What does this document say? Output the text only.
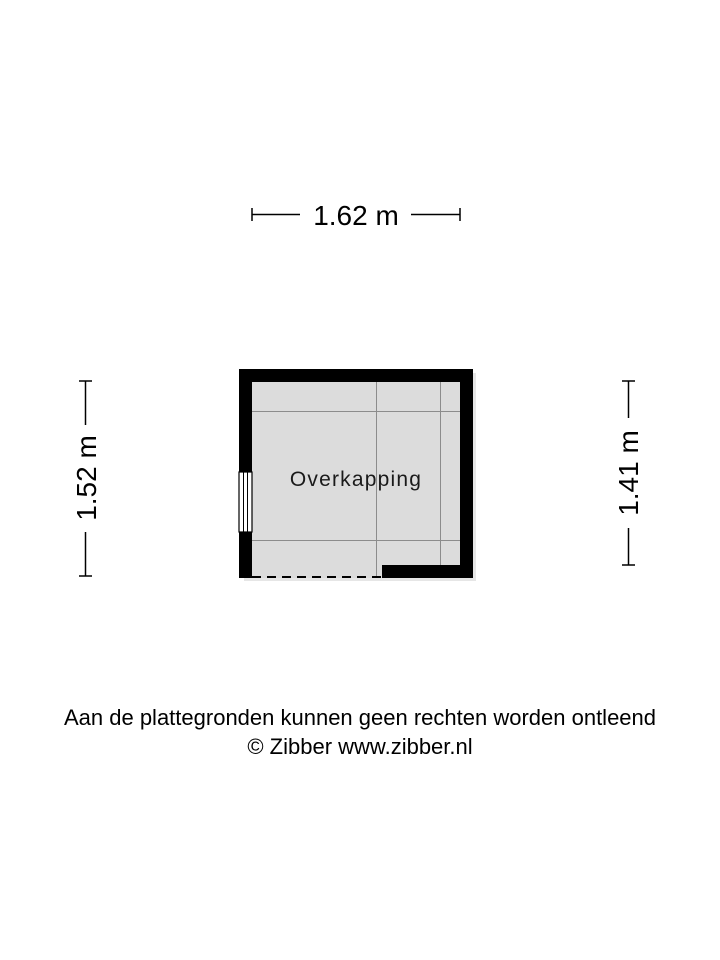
1.62 m
1.52 m	1.41 m
Overkapping
Aan de plattegronden kunnen geen rechten worden ontleend
© Zibber www.zibber.nl
